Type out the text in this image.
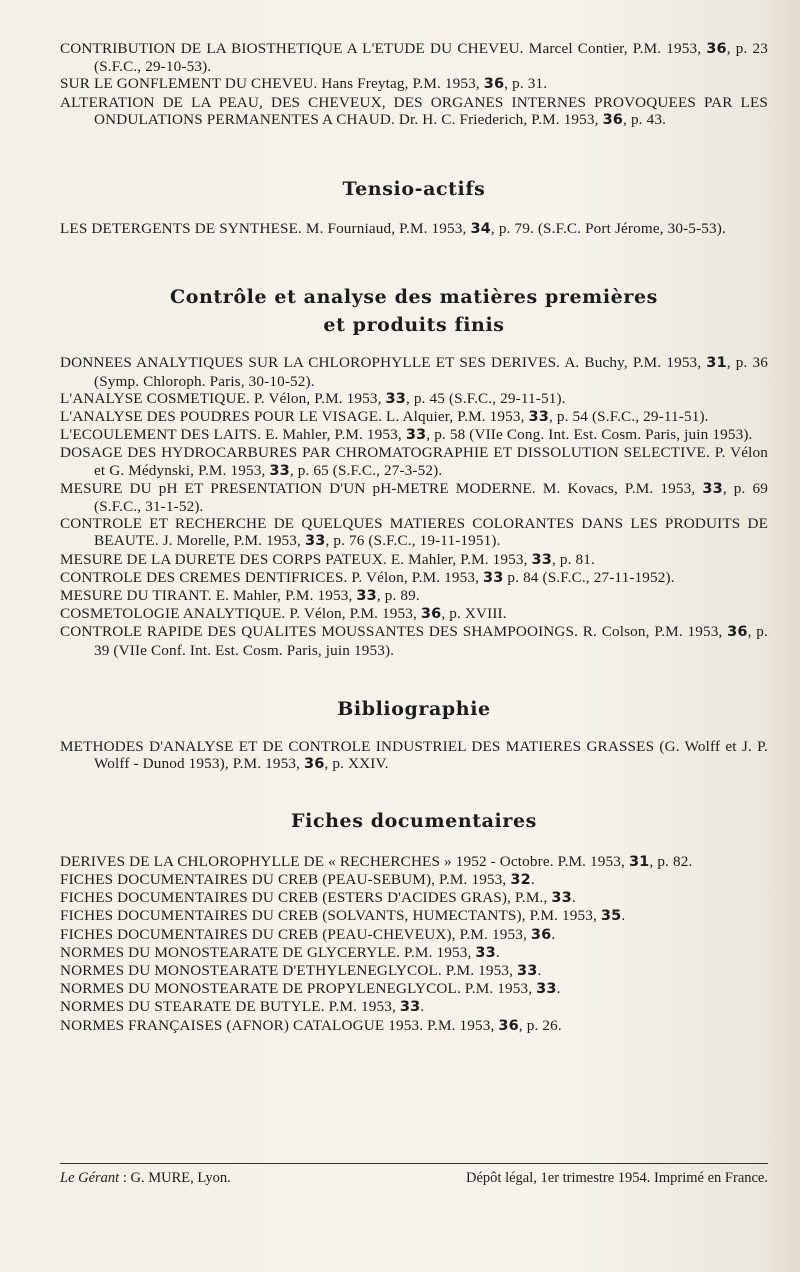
CONTRIBUTION DE LA BIOSTHETIQUE A L'ETUDE DU CHEVEU. Marcel Contier, P.M. 1953, 36, p. 23 (S.F.C., 29-10-53).

SUR LE GONFLEMENT DU CHEVEU. Hans Freytag, P.M. 1953, 36, p. 31.

ALTERATION DE LA PEAU, DES CHEVEUX, DES ORGANES INTERNES PROVOQUEES PAR LES ONDULATIONS PERMANENTES A CHAUD. Dr. H. C. Friederich, P.M. 1953, 36, p. 43.

Tensio-actifs

LES DETERGENTS DE SYNTHESE. M. Fourniaud, P.M. 1953, 34, p. 79. (S.F.C. Port Jérome, 30-5-53).

Contrôle et analyse des matières premières

et produits finis

DONNEES ANALYTIQUES SUR LA CHLOROPHYLLE ET SES DERIVES. A. Buchy, P.M. 1953, 31, p. 36 (Symp. Chloroph. Paris, 30-10-52).

L'ANALYSE COSMETIQUE. P. Vélon, P.M. 1953, 33, p. 45 (S.F.C., 29-11-51).

L'ANALYSE DES POUDRES POUR LE VISAGE. L. Alquier, P.M. 1953, 33, p. 54 (S.F.C., 29-11-51).

L'ECOULEMENT DES LAITS. E. Mahler, P.M. 1953, 33, p. 58 (VIIe Cong. Int. Est. Cosm. Paris, juin 1953).

DOSAGE DES HYDROCARBURES PAR CHROMATOGRAPHIE ET DISSOLUTION SELECTIVE. P. Vélon et G. Médynski, P.M. 1953, 33, p. 65 (S.F.C., 27-3-52).

MESURE DU pH ET PRESENTATION D'UN pH-METRE MODERNE. M. Kovacs, P.M. 1953, 33, p. 69 (S.F.C., 31-1-52).

CONTROLE ET RECHERCHE DE QUELQUES MATIERES COLORANTES DANS LES PRODUITS DE BEAUTE. J. Morelle, P.M. 1953, 33, p. 76 (S.F.C., 19-11-1951).

MESURE DE LA DURETE DES CORPS PATEUX. E. Mahler, P.M. 1953, 33, p. 81.

CONTROLE DES CREMES DENTIFRICES. P. Vélon, P.M. 1953, 33 p. 84 (S.F.C., 27-11-1952).

MESURE DU TIRANT. E. Mahler, P.M. 1953, 33, p. 89.

COSMETOLOGIE ANALYTIQUE. P. Vélon, P.M. 1953, 36, p. XVIII.

CONTROLE RAPIDE DES QUALITES MOUSSANTES DES SHAMPOOINGS. R. Colson, P.M. 1953, 36, p. 39 (VIIe Conf. Int. Est. Cosm. Paris, juin 1953).

Bibliographie

METHODES D'ANALYSE ET DE CONTROLE INDUSTRIEL DES MATIERES GRASSES (G. Wolff et J. P. Wolff - Dunod 1953), P.M. 1953, 36, p. XXIV.

Fiches documentaires

DERIVES DE LA CHLOROPHYLLE DE « RECHERCHES » 1952 - Octobre. P.M. 1953, 31, p. 82.

FICHES DOCUMENTAIRES DU CREB (PEAU-SEBUM), P.M. 1953, 32.

FICHES DOCUMENTAIRES DU CREB (ESTERS D'ACIDES GRAS), P.M., 33.

FICHES DOCUMENTAIRES DU CREB (SOLVANTS, HUMECTANTS), P.M. 1953, 35.

FICHES DOCUMENTAIRES DU CREB (PEAU-CHEVEUX), P.M. 1953, 36.

NORMES DU MONOSTEARATE DE GLYCERYLE. P.M. 1953, 33.

NORMES DU MONOSTEARATE D'ETHYLENEGLYCOL. P.M. 1953, 33.

NORMES DU MONOSTEARATE DE PROPYLENEGLYCOL. P.M. 1953, 33.

NORMES DU STEARATE DE BUTYLE. P.M. 1953, 33.

NORMES FRANÇAISES (AFNOR) CATALOGUE 1953. P.M. 1953, 36, p. 26.

Le Gérant : G. MURE, Lyon.	Dépôt légal, 1er trimestre 1954. Imprimé en France.
